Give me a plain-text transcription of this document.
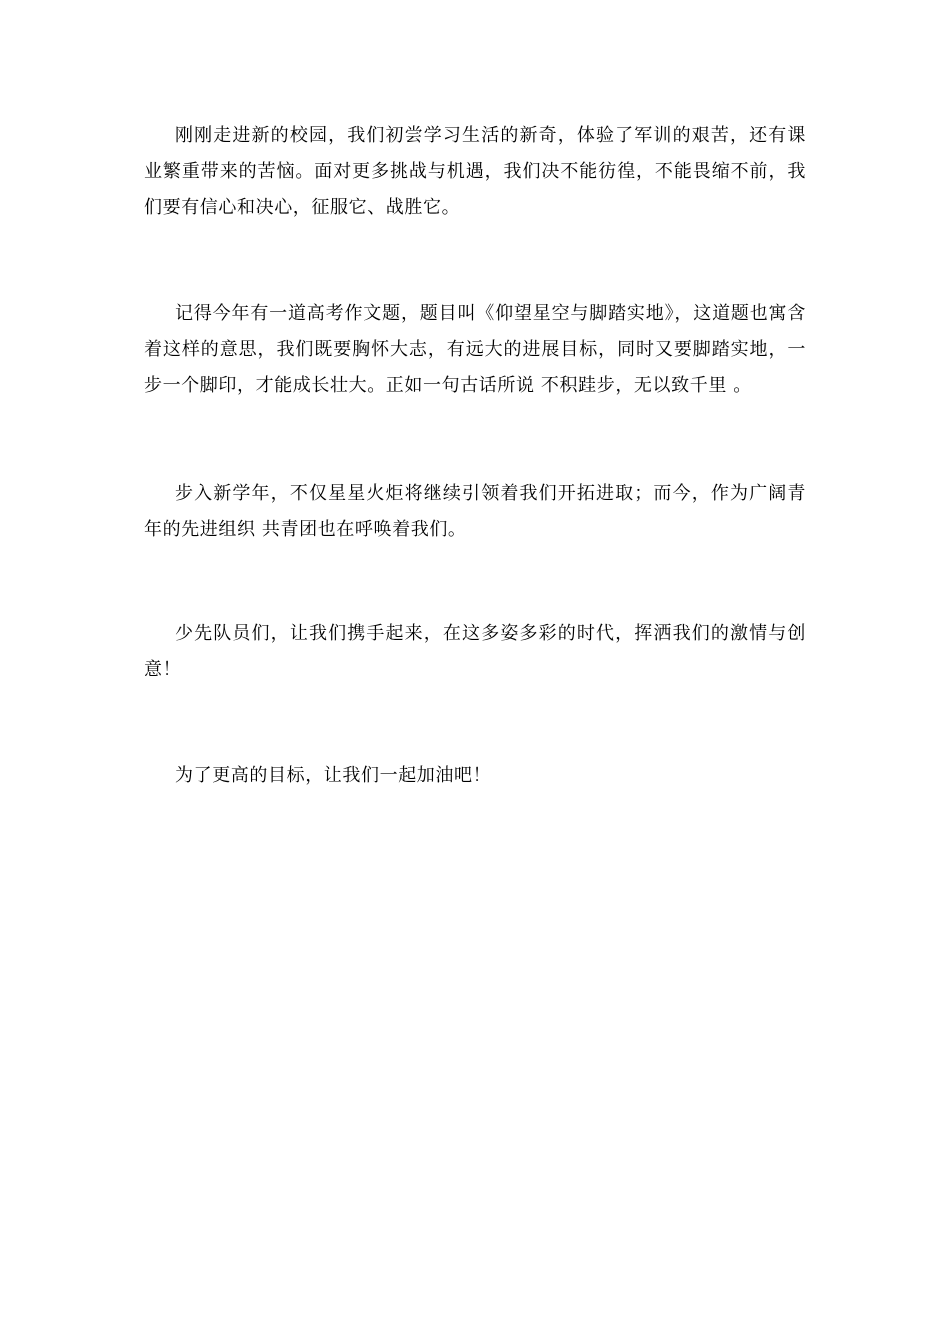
刚刚走进新的校园，我们初尝学习生活的新奇，体验了军训的艰苦，还有课业繁重带来的苦恼。面对更多挑战与机遇，我们决不能彷徨，不能畏缩不前，我们要有信心和决心，征服它、战胜它。

记得今年有一道高考作文题，题目叫《仰望星空与脚踏实地》，这道题也寓含着这样的意思，我们既要胸怀大志，有远大的进展目标，同时又要脚踏实地，一步一个脚印，才能成长壮大。正如一句古话所说 不积跬步，无以致千里 。

步入新学年，不仅星星火炬将继续引领着我们开拓进取；而今，作为广阔青年的先进组织 共青团也在呼唤着我们。

少先队员们，让我们携手起来，在这多姿多彩的时代，挥洒我们的激情与创意！

为了更高的目标，让我们一起加油吧！
